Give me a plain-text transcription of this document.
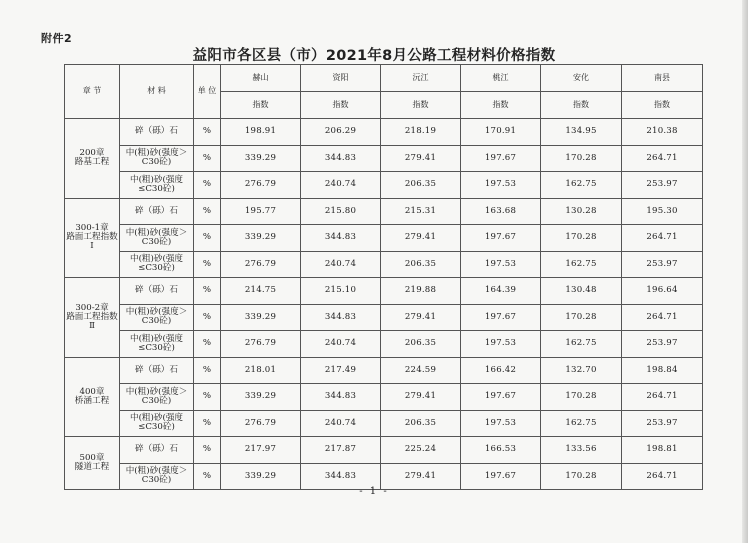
附件2
益阳市各区县（市）2021年8月公路工程材料价格指数
章 节	材 料	单 位	赫山	资阳	沅江	桃江	安化	南县
			指数	指数	指数	指数	指数	指数

200章
路基工程	碎（砾）石	%	198.91	206.29	218.19	170.91	134.95	210.38
	中(粗)砂(强度＞C30砼)	%	339.29	344.83	279.41	197.67	170.28	264.71
	中(粗)砂(强度≤C30砼)	%	276.79	240.74	206.35	197.53	162.75	253.97

300-1章
路面工程指数
Ⅰ	碎（砾）石	%	195.77	215.80	215.31	163.68	130.28	195.30
	中(粗)砂(强度＞C30砼)	%	339.29	344.83	279.41	197.67	170.28	264.71
	中(粗)砂(强度≤C30砼)	%	276.79	240.74	206.35	197.53	162.75	253.97

300-2章
路面工程指数
Ⅱ	碎（砾）石	%	214.75	215.10	219.88	164.39	130.48	196.64
	中(粗)砂(强度＞C30砼)	%	339.29	344.83	279.41	197.67	170.28	264.71
	中(粗)砂(强度≤C30砼)	%	276.79	240.74	206.35	197.53	162.75	253.97

400章
桥涵工程	碎（砾）石	%	218.01	217.49	224.59	166.42	132.70	198.84
	中(粗)砂(强度＞C30砼)	%	339.29	344.83	279.41	197.67	170.28	264.71
	中(粗)砂(强度≤C30砼)	%	276.79	240.74	206.35	197.53	162.75	253.97

500章
隧道工程	碎（砾）石	%	217.97	217.87	225.24	166.53	133.56	198.81
	中(粗)砂(强度＞C30砼)	%	339.29	344.83	279.41	197.67	170.28	264.71
- 1 -
